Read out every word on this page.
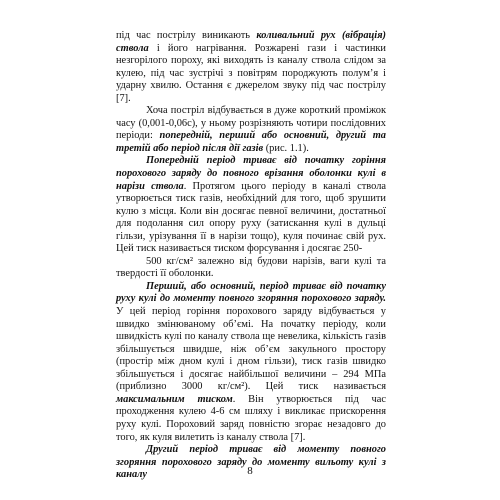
під час пострілу виникають коливальний рух (вібрація) ствола і його нагрівання. Розжарені гази і частинки незгорілого пороху, які виходять із каналу ствола слідом за кулею, під час зустрічі з повітрям породжують полум’я і ударну хвилю. Остання є джерелом звуку під час пострілу [7].

Хоча постріл відбувається в дуже короткий проміжок часу (0,001-0,06с), у ньому розрізняють чотири послідовних періоди: попередній, перший або основний, другий та третій або період після дії газів (рис. 1.1).

Попередній період триває від початку горіння порохового заряду до повного врізання оболонки кулі в нарізи ствола. Протягом цього періоду в каналі ствола утворюється тиск газів, необхідний для того, щоб зрушити кулю з місця. Коли він досягає певної величини, достатньої для подолання сил опору руху (затискання кулі в дульці гільзи, урізування її в нарізи тощо), куля починає свій рух. Цей тиск називається тиском форсування і досягає 250-

500 кг/см² залежно від будови нарізів, ваги кулі та твердості її оболонки.

Перший, або основний, період триває від початку руху кулі до моменту повного згоряння порохового заряду. У цей період горіння порохового заряду відбувається у швидко змінюваному об’ємі. На початку періоду, коли швидкість кулі по каналу ствола ще невелика, кількість газів збільшується швидше, ніж об’єм закульного простору (простір між дном кулі і дном гільзи), тиск газів швидко збільшується і досягає найбільшої величини – 294 МПа (приблизно 3000 кг/см²). Цей тиск називається максимальним тиском. Він утворюється під час проходження кулею 4-6 см шляху і викликає прискорення руху кулі. Пороховий заряд повністю згорає незадовго до того, як куля вилетить із каналу ствола [7].

Другий період триває від моменту повного згоряння порохового заряду до моменту вильоту кулі з каналу	8
